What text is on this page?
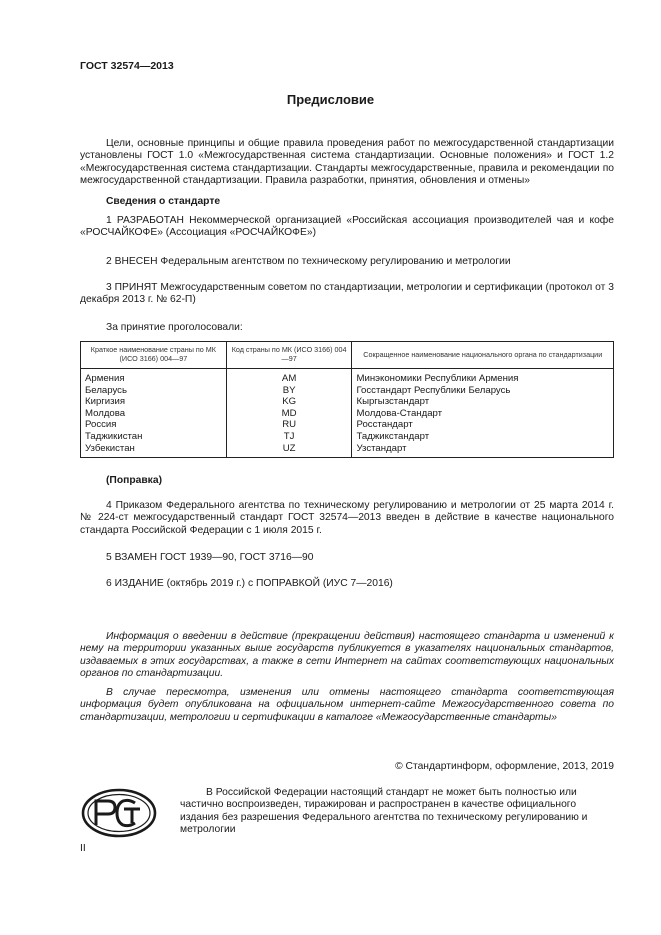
ГОСТ 32574—2013
Предисловие

Цели, основные принципы и общие правила проведения работ по межгосударственной стандартизации установлены ГОСТ 1.0 «Межгосударственная система стандартизации. Основные положения» и ГОСТ 1.2 «Межгосударственная система стандартизации. Стандарты межгосударственные, правила и рекомендации по межгосударственной стандартизации. Правила разработки, принятия, обновления и отмены»

Сведения о стандарте

1 РАЗРАБОТАН Некоммерческой организацией «Российская ассоциация производителей чая и кофе «РОСЧАЙКОФЕ» (Ассоциация «РОСЧАЙКОФЕ»)

2 ВНЕСЕН Федеральным агентством по техническому регулированию и метрологии

3 ПРИНЯТ Межгосударственным советом по стандартизации, метрологии и сертификации (протокол от 3 декабря 2013 г. № 62-П)

За принятие проголосовали:

Краткое наименование страны по МК (ИСО 3166) 004—97	Код страны по МК (ИСО 3166) 004—97	Сокращенное наименование национального органа по стандартизации
Армения	AM	Минэкономики Республики Армения
Беларусь	BY	Госстандарт Республики Беларусь
Киргизия	KG	Кыргызстандарт
Молдова	MD	Молдова-Стандарт
Россия	RU	Росстандарт
Таджикистан	TJ	Таджикстандарт
Узбекистан	UZ	Узстандарт
(Поправка)

4 Приказом Федерального агентства по техническому регулированию и метрологии от 25 марта 2014 г. № 224-ст межгосударственный стандарт ГОСТ 32574—2013 введен в действие в качестве национального стандарта Российской Федерации с 1 июля 2015 г.

5 ВЗАМЕН ГОСТ 1939—90, ГОСТ 3716—90

6 ИЗДАНИЕ (октябрь 2019 г.) с ПОПРАВКОЙ (ИУС 7—2016)

Информация о введении в действие (прекращении действия) настоящего стандарта и изменений к нему на территории указанных выше государств публикуется в указателях национальных стандартов, издаваемых в этих государствах, а также в сети Интернет на сайтах соответствующих национальных органов по стандартизации.

В случае пересмотра, изменения или отмены настоящего стандарта соответствующая информация будет опубликована на официальном интернет-сайте Межгосударственного совета по стандартизации, метрологии и сертификации в каталоге «Межгосударственные стандарты»

© Стандартинформ, оформление, 2013, 2019

В Российской Федерации настоящий стандарт не может быть полностью или частично воспроизведен, тиражирован и распространен в качестве официального издания без разрешения Федерального агентства по техническому регулированию и метрологии

II
